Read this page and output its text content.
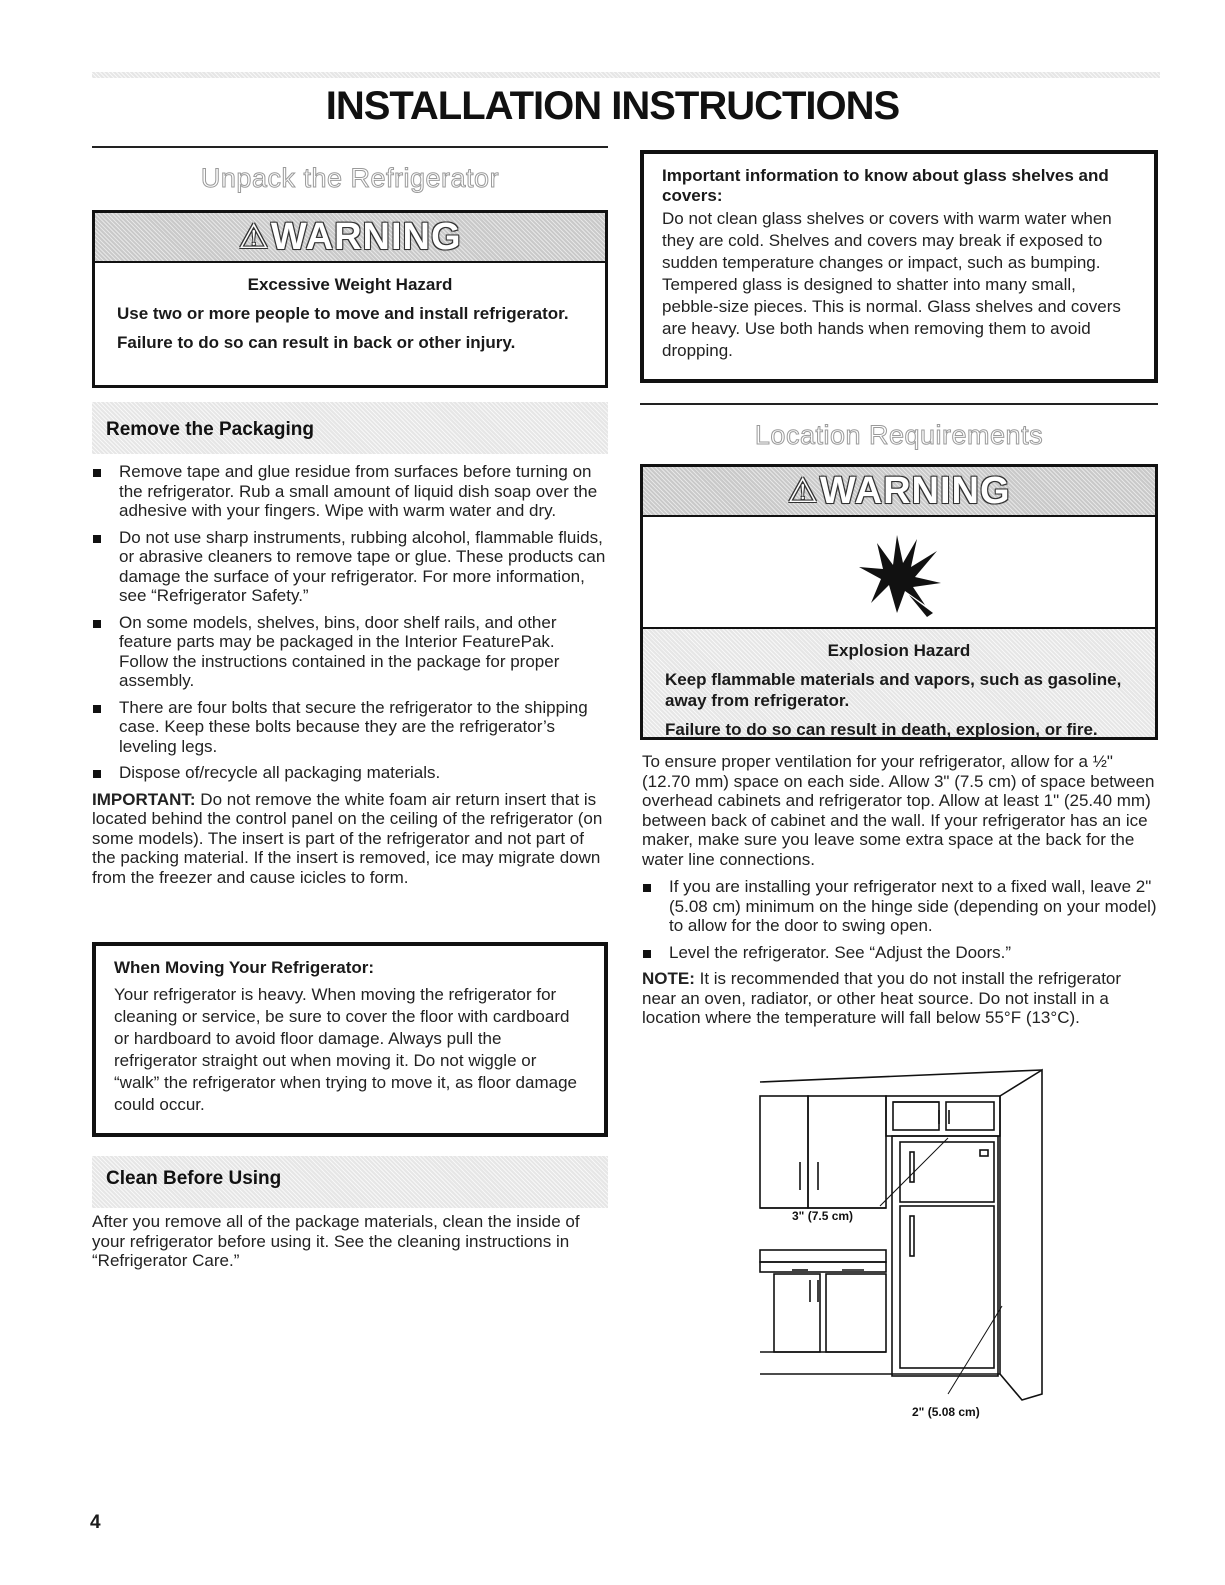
INSTALLATION INSTRUCTIONS
Unpack the Refrigerator
⚠ WARNING
Excessive Weight Hazard
Use two or more people to move and install refrigerator.
Failure to do so can result in back or other injury.
Remove the Packaging
Remove tape and glue residue from surfaces before turning on the refrigerator. Rub a small amount of liquid dish soap over the adhesive with your fingers. Wipe with warm water and dry.
Do not use sharp instruments, rubbing alcohol, flammable fluids, or abrasive cleaners to remove tape or glue. These products can damage the surface of your refrigerator. For more information, see “Refrigerator Safety.”
On some models, shelves, bins, door shelf rails, and other feature parts may be packaged in the Interior FeaturePak. Follow the instructions contained in the package for proper assembly.
There are four bolts that secure the refrigerator to the shipping case. Keep these bolts because they are the refrigerator’s leveling legs.
Dispose of/recycle all packaging materials.
IMPORTANT: Do not remove the white foam air return insert that is located behind the control panel on the ceiling of the refrigerator (on some models). The insert is part of the refrigerator and not part of the packing material. If the insert is removed, ice may migrate down from the freezer and cause icicles to form.
When Moving Your Refrigerator:
Your refrigerator is heavy. When moving the refrigerator for cleaning or service, be sure to cover the floor with cardboard or hardboard to avoid floor damage. Always pull the refrigerator straight out when moving it. Do not wiggle or “walk” the refrigerator when trying to move it, as floor damage could occur.
Clean Before Using
After you remove all of the package materials, clean the inside of your refrigerator before using it. See the cleaning instructions in “Refrigerator Care.”
Important information to know about glass shelves and covers:
Do not clean glass shelves or covers with warm water when they are cold. Shelves and covers may break if exposed to sudden temperature changes or impact, such as bumping. Tempered glass is designed to shatter into many small, pebble-size pieces. This is normal. Glass shelves and covers are heavy. Use both hands when removing them to avoid dropping.
Location Requirements
⚠ WARNING
Explosion Hazard
Keep flammable materials and vapors, such as gasoline, away from refrigerator.
Failure to do so can result in death, explosion, or fire.
To ensure proper ventilation for your refrigerator, allow for a ½" (12.70 mm) space on each side. Allow 3" (7.5 cm) of space between overhead cabinets and refrigerator top. Allow at least 1" (25.40 mm) between back of cabinet and the wall. If your refrigerator has an ice maker, make sure you leave some extra space at the back for the water line connections.
If you are installing your refrigerator next to a fixed wall, leave 2" (5.08 cm) minimum on the hinge side (depending on your model) to allow for the door to swing open.
Level the refrigerator. See “Adjust the Doors.”
NOTE: It is recommended that you do not install the refrigerator near an oven, radiator, or other heat source. Do not install in a location where the temperature will fall below 55°F (13°C).
3" (7.5 cm)
2" (5.08 cm)
4
